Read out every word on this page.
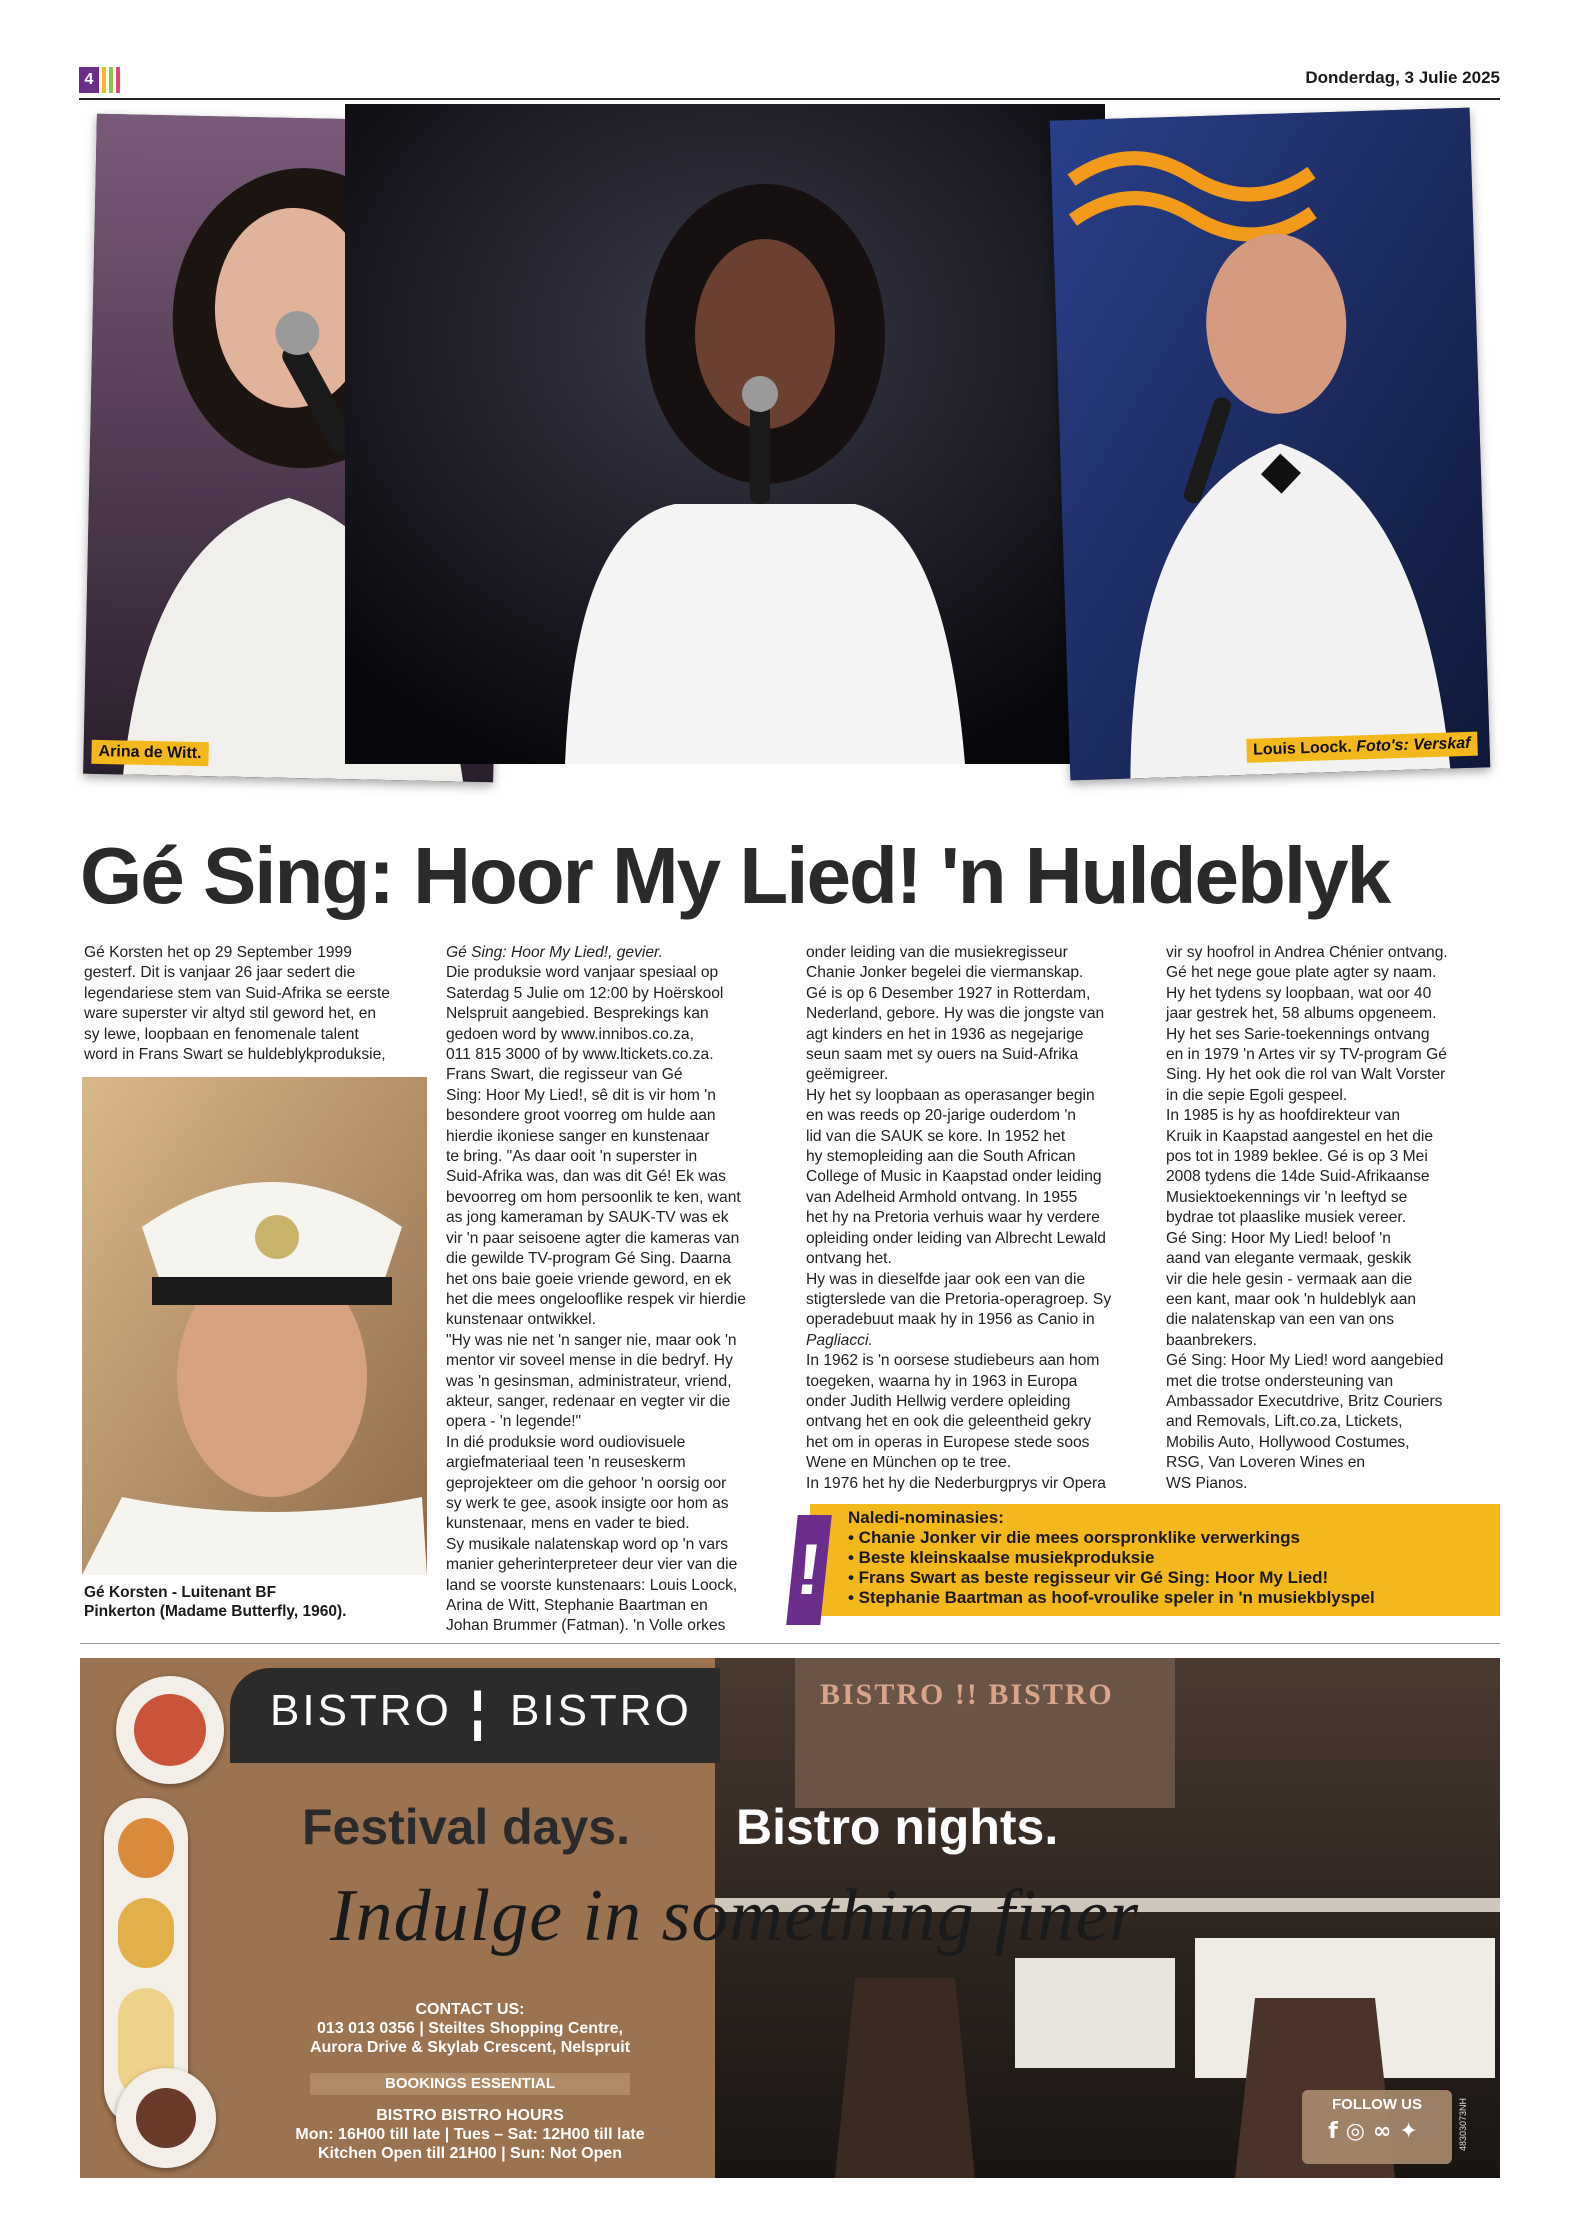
4	Donderdag, 3 Julie 2025
Arina de Witt.	Louis Loock. Foto's: Verskaf
Gé Sing: Hoor My Lied! 'n Huldeblyk

Gé Korsten het op 29 September 1999

gesterf. Dit is vanjaar 26 jaar sedert die

legendariese stem van Suid-Afrika se eerste

ware superster vir altyd stil geword het, en

sy lewe, loopbaan en fenomenale talent

word in Frans Swart se huldeblykproduksie,

Gé Korsten - Luitenant BF
Pinkerton (Madame Butterfly, 1960).

Gé Sing: Hoor My Lied!, gevier.

Die produksie word vanjaar spesiaal op

Saterdag 5 Julie om 12:00 by Hoërskool

Nelspruit aangebied. Besprekings kan

gedoen word by www.innibos.co.za,

011 815 3000 of by www.ltickets.co.za.

Frans Swart, die regisseur van Gé

Sing: Hoor My Lied!, sê dit is vir hom 'n

besondere groot voorreg om hulde aan

hierdie ikoniese sanger en kunstenaar

te bring. "As daar ooit 'n superster in

Suid-Afrika was, dan was dit Gé! Ek was

bevoorreg om hom persoonlik te ken, want

as jong kameraman by SAUK-TV was ek

vir 'n paar seisoene agter die kameras van

die gewilde TV-program Gé Sing. Daarna

het ons baie goeie vriende geword, en ek

het die mees ongelooflike respek vir hierdie

kunstenaar ontwikkel.

"Hy was nie net 'n sanger nie, maar ook 'n

mentor vir soveel mense in die bedryf. Hy

was 'n gesinsman, administrateur, vriend,

akteur, sanger, redenaar en vegter vir die

opera - 'n legende!"

In dié produksie word oudiovisuele

argiefmateriaal teen 'n reuseskerm

geprojekteer om die gehoor 'n oorsig oor

sy werk te gee, asook insigte oor hom as

kunstenaar, mens en vader te bied.

Sy musikale nalatenskap word op 'n vars

manier geherinterpreteer deur vier van die

land se voorste kunstenaars: Louis Loock,

Arina de Witt, Stephanie Baartman en

Johan Brummer (Fatman). 'n Volle orkes

onder leiding van die musiekregisseur

Chanie Jonker begelei die viermanskap.

Gé is op 6 Desember 1927 in Rotterdam,

Nederland, gebore. Hy was die jongste van

agt kinders en het in 1936 as negejarige

seun saam met sy ouers na Suid-Afrika

geëmigreer.

Hy het sy loopbaan as operasanger begin

en was reeds op 20-jarige ouderdom 'n

lid van die SAUK se kore. In 1952 het

hy stemopleiding aan die South African

College of Music in Kaapstad onder leiding

van Adelheid Armhold ontvang. In 1955

het hy na Pretoria verhuis waar hy verdere

opleiding onder leiding van Albrecht Lewald

ontvang het.

Hy was in dieselfde jaar ook een van die

stigterslede van die Pretoria-operagroep. Sy

operadebuut maak hy in 1956 as Canio in

Pagliacci.

In 1962 is 'n oorsese studiebeurs aan hom

toegeken, waarna hy in 1963 in Europa

onder Judith Hellwig verdere opleiding

ontvang het en ook die geleentheid gekry

het om in operas in Europese stede soos

Wene en München op te tree.

In 1976 het hy die Nederburgprys vir Opera

vir sy hoofrol in Andrea Chénier ontvang.

Gé het nege goue plate agter sy naam.

Hy het tydens sy loopbaan, wat oor 40

jaar gestrek het, 58 albums opgeneem.

Hy het ses Sarie-toekennings ontvang

en in 1979 'n Artes vir sy TV-program Gé

Sing. Hy het ook die rol van Walt Vorster

in die sepie Egoli gespeel.

In 1985 is hy as hoofdirekteur van

Kruik in Kaapstad aangestel en het die

pos tot in 1989 beklee. Gé is op 3 Mei

2008 tydens die 14de Suid-Afrikaanse

Musiektoekennings vir 'n leeftyd se

bydrae tot plaaslike musiek vereer.

Gé Sing: Hoor My Lied! beloof 'n

aand van elegante vermaak, geskik

vir die hele gesin - vermaak aan die

een kant, maar ook 'n huldeblyk aan

die nalatenskap van een van ons

baanbrekers.

Gé Sing: Hoor My Lied! word aangebied

met die trotse ondersteuning van

Ambassador Executdrive, Britz Couriers

and Removals, Lift.co.za, Ltickets,

Mobilis Auto, Hollywood Costumes,

RSG, Van Loveren Wines en

WS Pianos.

!
Naledi-nominasies:
• Chanie Jonker vir die mees oorspronklike verwerkings
• Beste kleinskaalse musiekproduksie
• Frans Swart as beste regisseur vir Gé Sing: Hoor My Lied!
• Stephanie Baartman as hoof-vroulike speler in 'n musiekblyspel
BISTRO !! BISTRO
BISTRO ¦ BISTRO
Festival days. Bistro nights.
Indulge in something finer
CONTACT US:
013 013 0356 | Steiltes Shopping Centre,
Aurora Drive & Skylab Crescent, Nelspruit
BOOKINGS ESSENTIAL
BISTRO BISTRO HOURS
Mon: 16H00 till late | Tues – Sat: 12H00 till late
Kitchen Open till 21H00 | Sun: Not Open
FOLLOW US
f◎∞✦	48303073NH
